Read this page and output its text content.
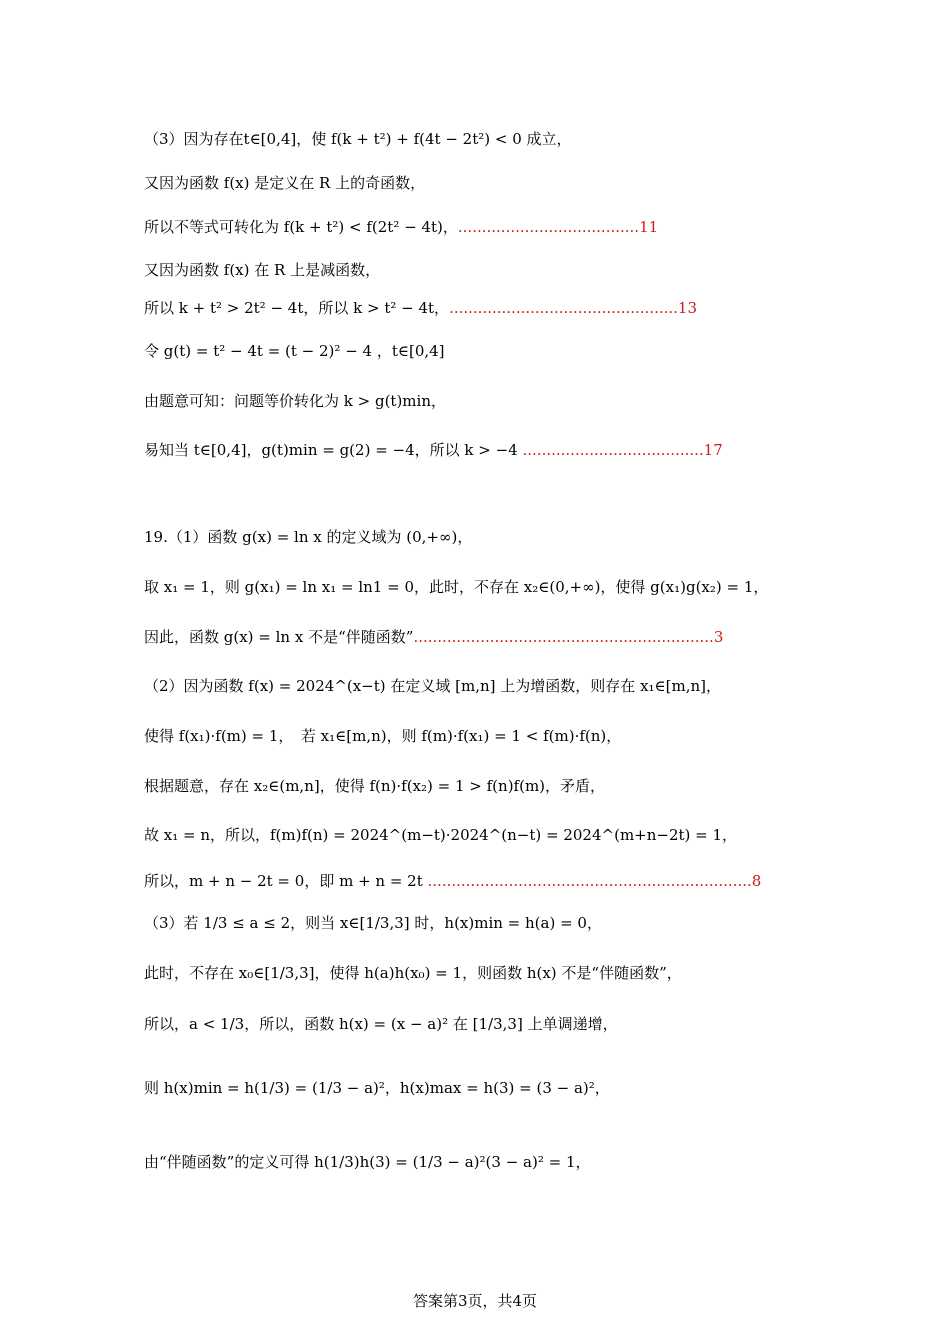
（3）因为存在t∈[0,4]，使 f(k + t²) + f(4t − 2t²) < 0 成立，
又因为函数 f(x) 是定义在 R 上的奇函数，
所以不等式可转化为 f(k + t²) < f(2t² − 4t)，......................................11
又因为函数 f(x) 在 R 上是减函数，
所以 k + t² > 2t² − 4t，所以 k > t² − 4t，................................................13
令 g(t) = t² − 4t = (t − 2)² − 4 ，t∈[0,4]
由题意可知：问题等价转化为 k > g(t)min，
易知当 t∈[0,4]，g(t)min = g(2) = −4，所以 k > −4 ......................................17
19.（1）函数 g(x) = ln x 的定义域为 (0,+∞)，
取 x₁ = 1，则 g(x₁) = ln x₁ = ln1 = 0，此时，不存在 x₂∈(0,+∞)，使得 g(x₁)g(x₂) = 1，
因此，函数 g(x) = ln x 不是“伴随函数”...............................................................3
（2）因为函数 f(x) = 2024^(x−t) 在定义域 [m,n] 上为增函数，则存在 x₁∈[m,n]，
使得 f(x₁)·f(m) = 1，　若 x₁∈[m,n)，则 f(m)·f(x₁) = 1 < f(m)·f(n)，
根据题意，存在 x₂∈(m,n]，使得 f(n)·f(x₂) = 1 > f(n)f(m)，矛盾，
故 x₁ = n，所以，f(m)f(n) = 2024^(m−t)·2024^(n−t) = 2024^(m+n−2t) = 1，
所以，m + n − 2t = 0，即 m + n = 2t ....................................................................8
（3）若 1/3 ≤ a ≤ 2，则当 x∈[1/3,3] 时，h(x)min = h(a) = 0，
此时，不存在 x₀∈[1/3,3]，使得 h(a)h(x₀) = 1，则函数 h(x) 不是“伴随函数”，
所以，a < 1/3，所以，函数 h(x) = (x − a)² 在 [1/3,3] 上单调递增，
则 h(x)min = h(1/3) = (1/3 − a)²，h(x)max = h(3) = (3 − a)²，
由“伴随函数”的定义可得 h(1/3)h(3) = (1/3 − a)²(3 − a)² = 1，
答案第3页，共4页
